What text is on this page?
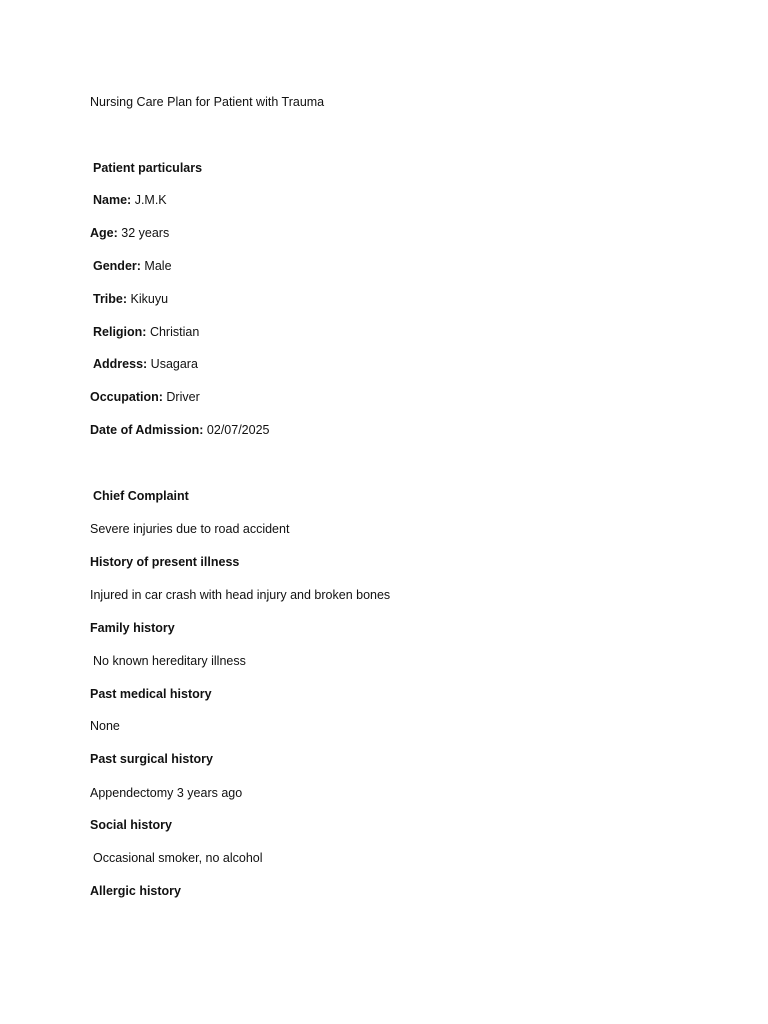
Nursing Care Plan for Patient with Trauma
Patient particulars
Name: J.M.K
Age: 32 years
Gender: Male
Tribe: Kikuyu
Religion: Christian
Address: Usagara
Occupation: Driver
Date of Admission: 02/07/2025
Chief Complaint
Severe injuries due to road accident
History of present illness
Injured in car crash with head injury and broken bones
Family history
No known hereditary illness
Past medical history
None
Past surgical history
Appendectomy 3 years ago
Social history
Occasional smoker, no alcohol
Allergic history
